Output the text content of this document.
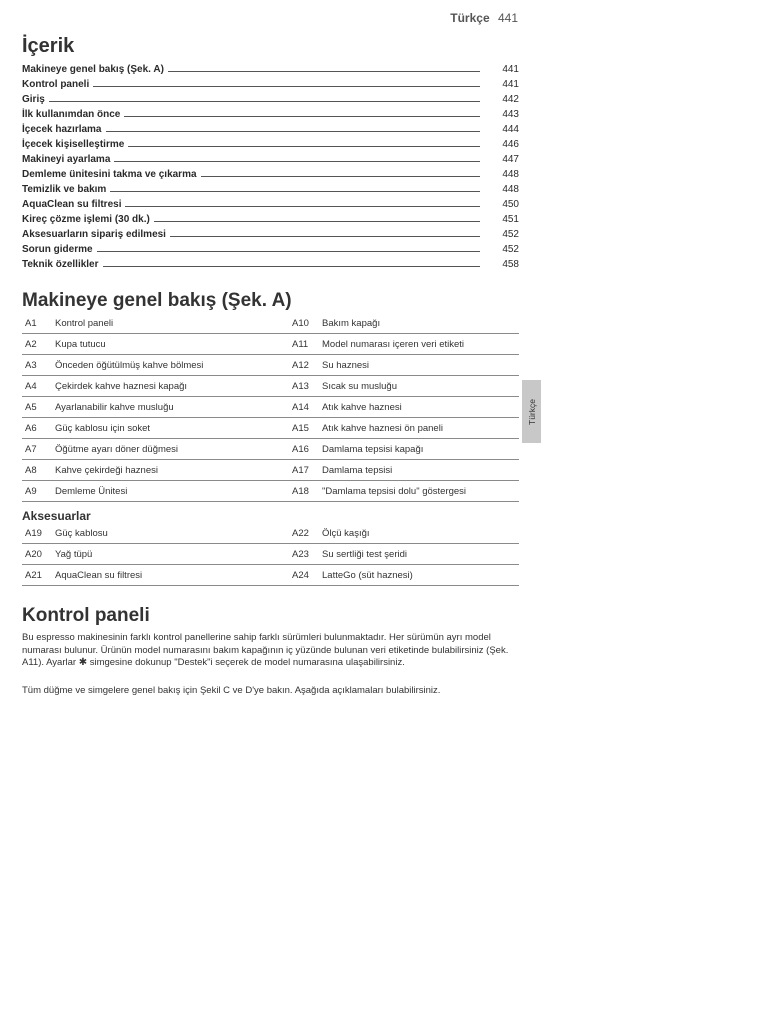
Türkçe 441
Türkçe
İçerik
Makineye genel bakış (Şek. A)	441
Kontrol paneli	441
Giriş	442
İlk kullanımdan önce	443
İçecek hazırlama	444
İçecek kişiselleştirme	446
Makineyi ayarlama	447
Demleme ünitesini takma ve çıkarma	448
Temizlik ve bakım	448
AquaClean su filtresi	450
Kireç çözme işlemi (30 dk.)	451
Aksesuarların sipariş edilmesi	452
Sorun giderme	452
Teknik özellikler	458
Makineye genel bakış (Şek. A)
A1	Kontrol paneli	A10	Bakım kapağı
A2	Kupa tutucu	A11	Model numarası içeren veri etiketi
A3	Önceden öğütülmüş kahve bölmesi	A12	Su haznesi
A4	Çekirdek kahve haznesi kapağı	A13	Sıcak su musluğu
A5	Ayarlanabilir kahve musluğu	A14	Atık kahve haznesi
A6	Güç kablosu için soket	A15	Atık kahve haznesi ön paneli
A7	Öğütme ayarı döner düğmesi	A16	Damlama tepsisi kapağı
A8	Kahve çekirdeği haznesi	A17	Damlama tepsisi
A9	Demleme Ünitesi	A18	"Damlama tepsisi dolu" göstergesi
Aksesuarlar
A19	Güç kablosu	A22	Ölçü kaşığı
A20	Yağ tüpü	A23	Su sertliği test şeridi
A21	AquaClean su filtresi	A24	LatteGo (süt haznesi)
Kontrol paneli

Bu espresso makinesinin farklı kontrol panellerine sahip farklı sürümleri bulunmaktadır. Her sürümün ayrı model numarası bulunur. Ürünün model numarasını bakım kapağının iç yüzünde bulunan veri etiketinde bulabilirsiniz (Şek. A11). Ayarlar ✱ simgesine dokunup "Destek"i seçerek de model numarasına ulaşabilirsiniz.

Tüm düğme ve simgelere genel bakış için Şekil C ve D'ye bakın. Aşağıda açıklamaları bulabilirsiniz.
